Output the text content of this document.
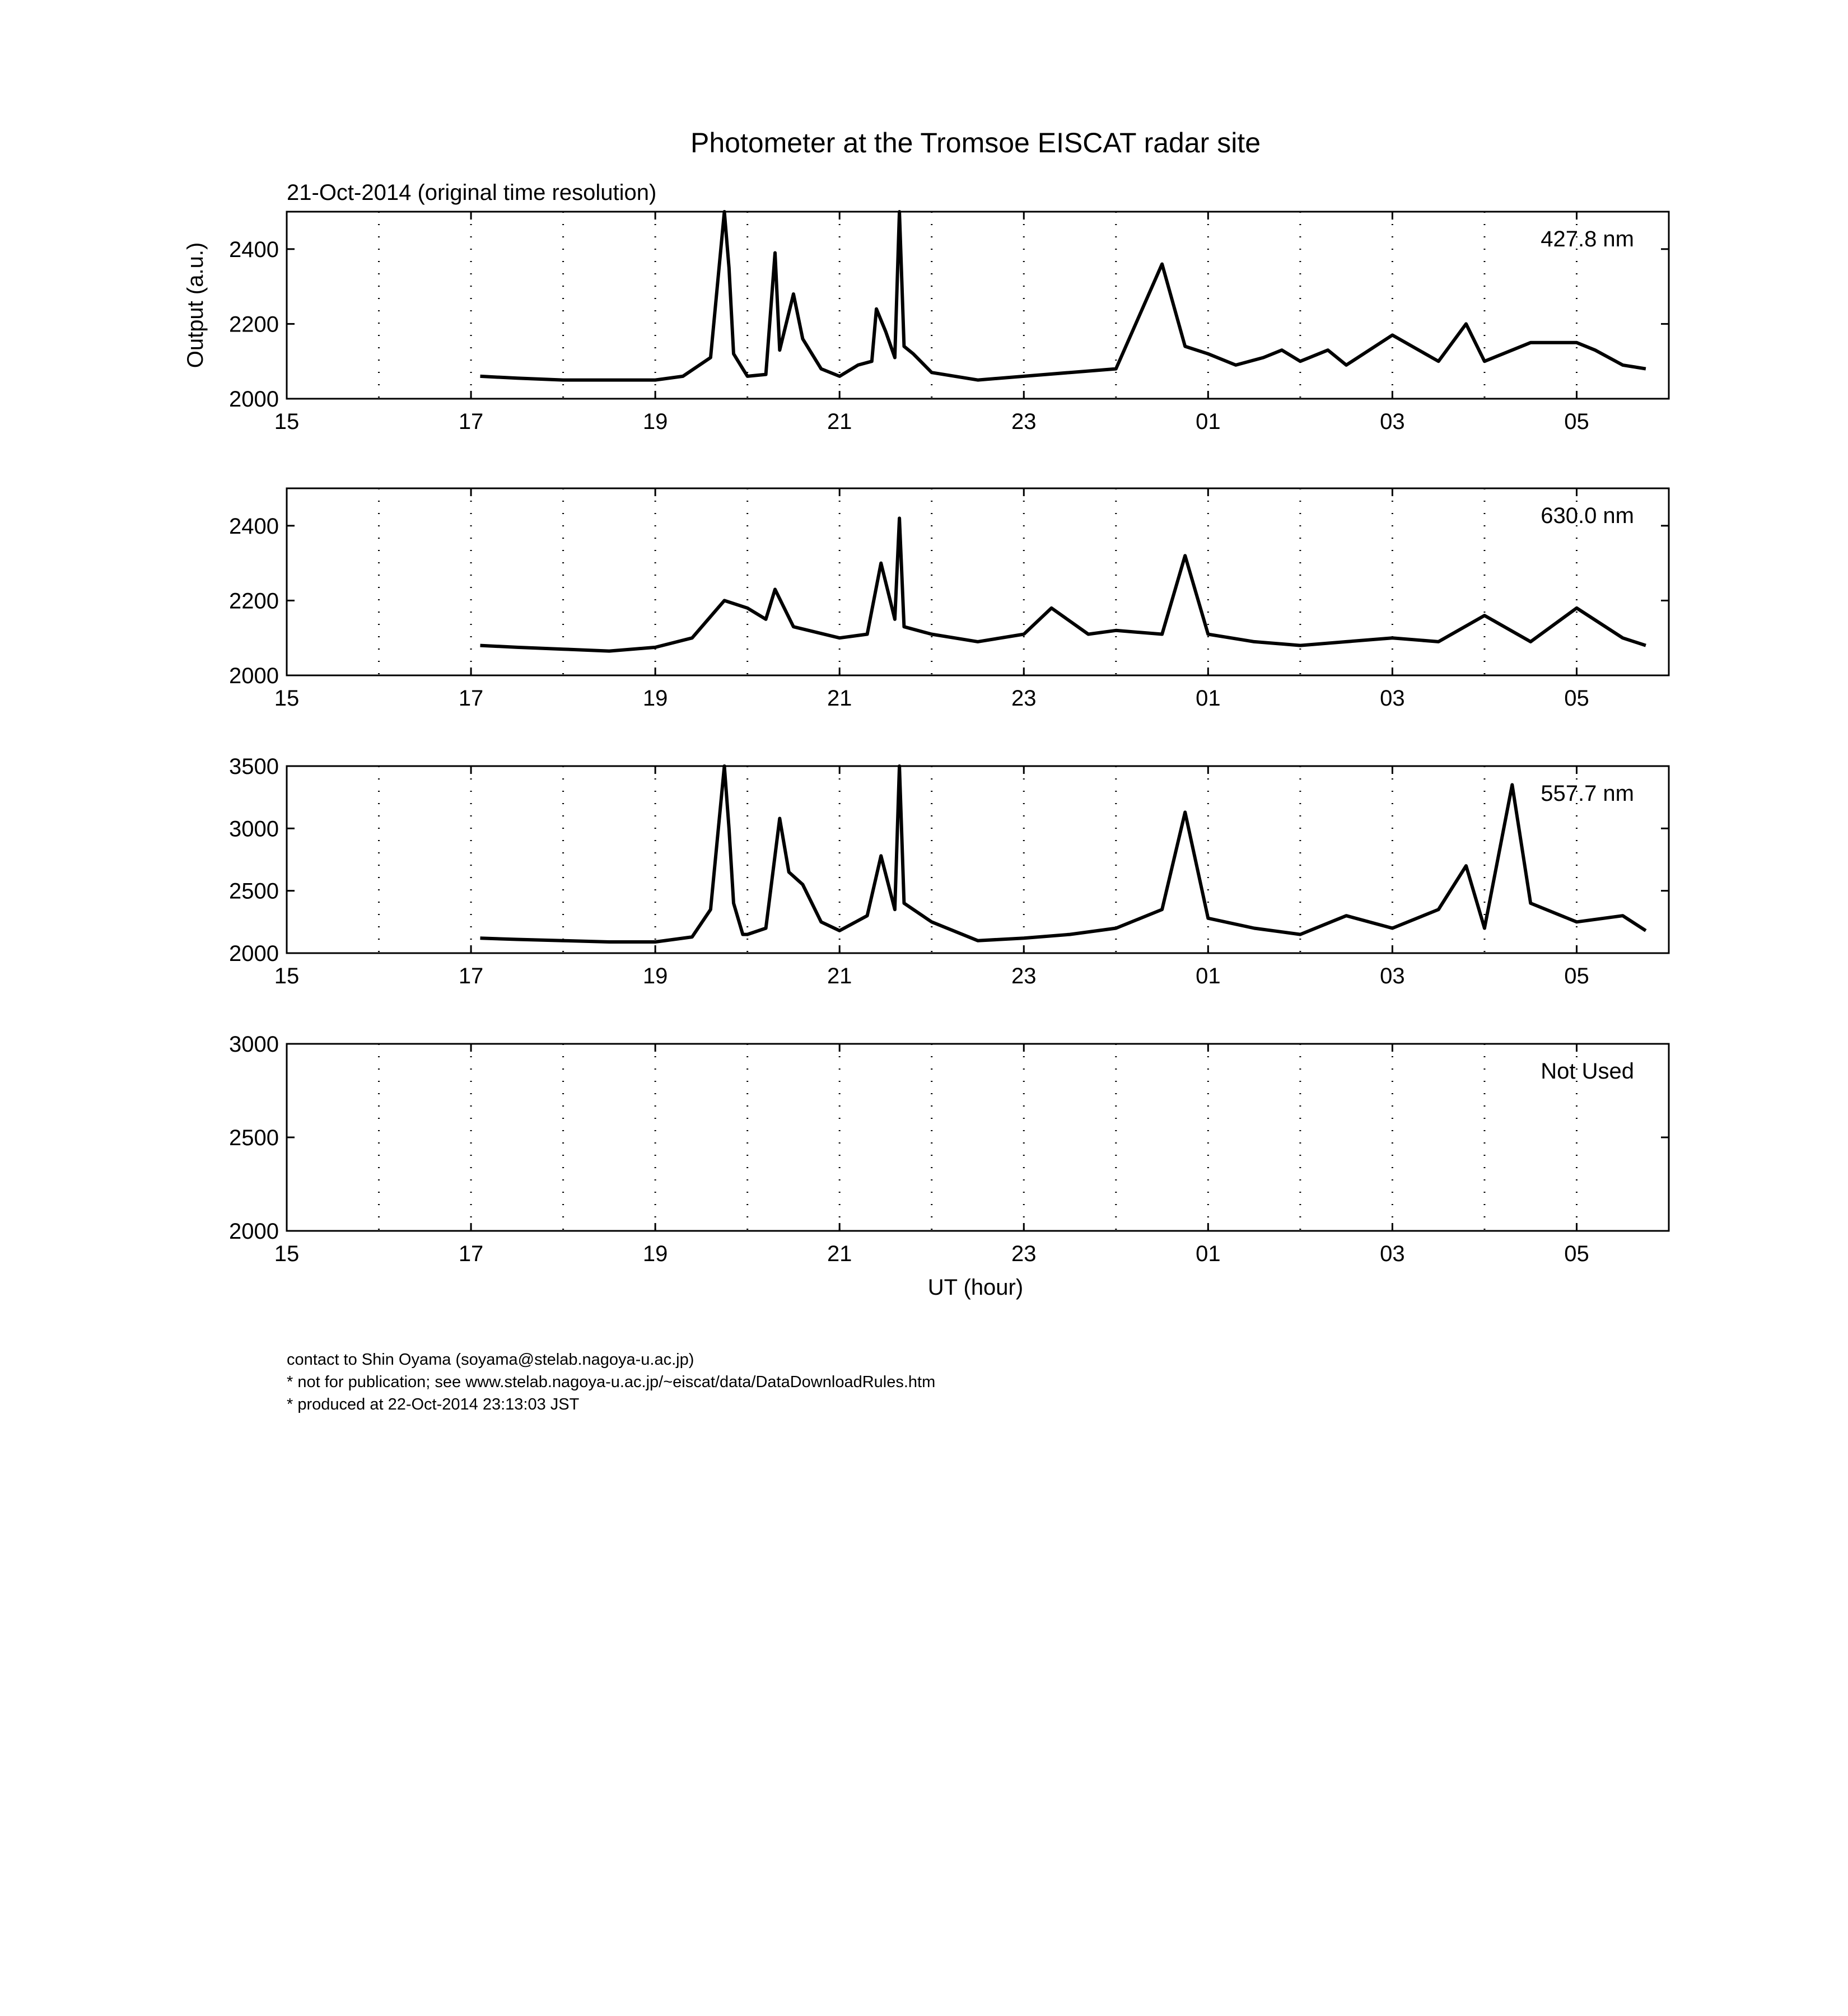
Photometer at the Tromsoe EISCAT radar site
21-Oct-2014 (original time resolution)
Output (a.u.)
UT (hour)
15	17	19	21	23	01	03	05
2000
2200
2400	427.8 nm
15	17	19	21	23	01	03	05
2000
2200
2400	630.0 nm
15	17	19	21	23	01	03	05
2000
2500
3000
3500
557.7 nm
15	17	19	21	23	01	03	05
2000
2500
3000
Not Used
contact to Shin Oyama (soyama@stelab.nagoya-u.ac.jp)
* not for publication; see www.stelab.nagoya-u.ac.jp/~eiscat/data/DataDownloadRules.htm
* produced at 22-Oct-2014 23:13:03 JST
